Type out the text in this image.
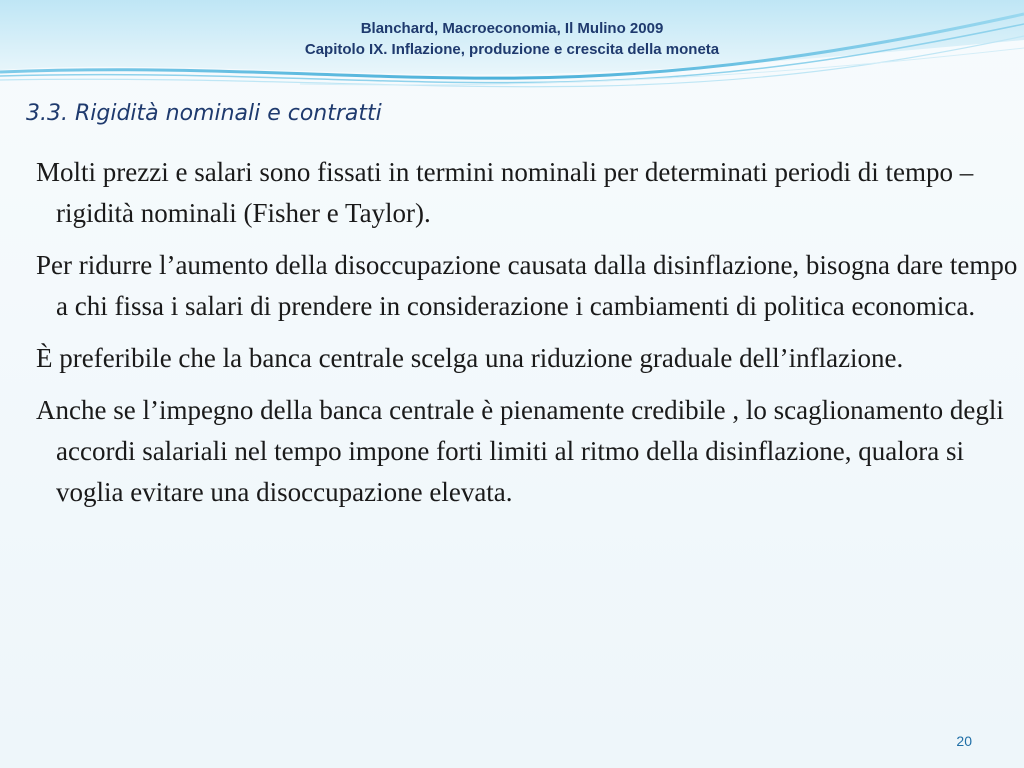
Blanchard, Macroeconomia, Il Mulino 2009
Capitolo IX. Inflazione, produzione e crescita della moneta
3.3. Rigidità nominali e contratti

Molti prezzi e salari sono fissati in termini nominali per determinati periodi di tempo – rigidità nominali (Fisher e Taylor).

Per ridurre l’aumento della disoccupazione causata dalla disinflazione, bisogna dare tempo a chi fissa i salari di prendere in considerazione i cambiamenti di politica economica.

È preferibile che la banca centrale scelga una riduzione graduale dell’inflazione.

Anche se l’impegno della banca centrale è pienamente credibile , lo scaglionamento degli accordi salariali nel tempo impone forti limiti al ritmo della disinflazione, qualora si voglia evitare una disoccupazione elevata.

20
